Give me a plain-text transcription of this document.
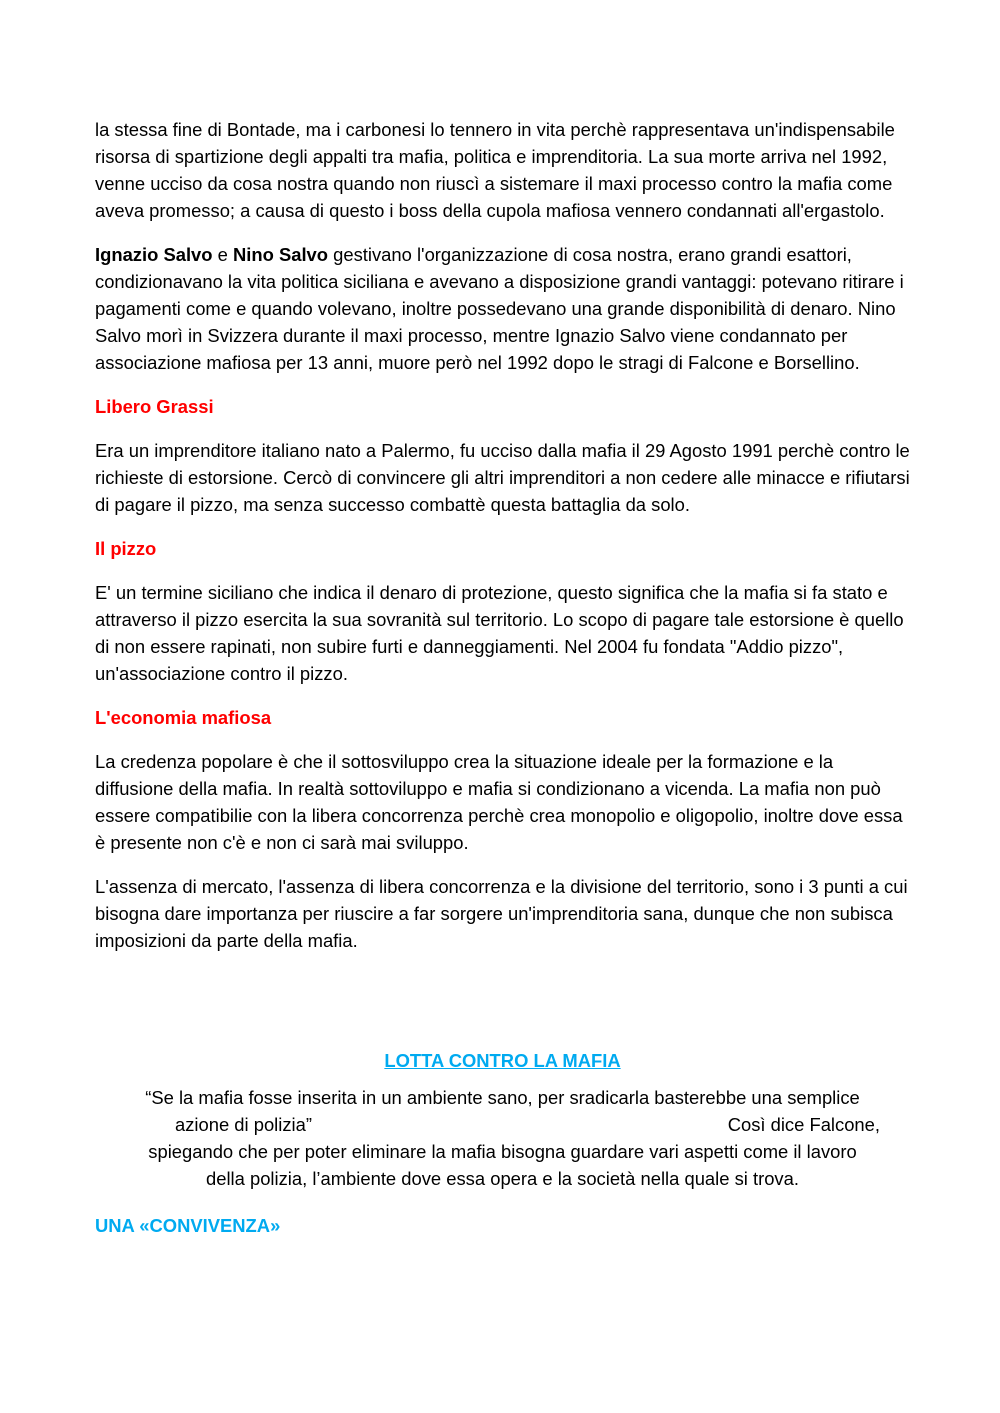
la stessa fine di Bontade, ma i carbonesi lo tennero in vita perchè rappresentava un'indispensabile risorsa di spartizione degli appalti tra mafia, politica e imprenditoria. La sua morte arriva nel 1992, venne ucciso da cosa nostra quando non riuscì a sistemare il maxi processo contro la mafia come aveva promesso; a causa di questo i boss della cupola mafiosa vennero condannati all'ergastolo.

Ignazio Salvo e Nino Salvo gestivano l'organizzazione di cosa nostra, erano grandi esattori, condizionavano la vita politica siciliana e avevano a disposizione grandi vantaggi: potevano ritirare i pagamenti come e quando volevano, inoltre possedevano una grande disponibilità di denaro. Nino Salvo morì in Svizzera durante il maxi processo, mentre Ignazio Salvo viene condannato per associazione mafiosa per 13 anni, muore però nel 1992 dopo le stragi di Falcone e Borsellino.

Libero Grassi

Era un imprenditore italiano nato a Palermo, fu ucciso dalla mafia il 29 Agosto 1991 perchè contro le richieste di estorsione. Cercò di convincere gli altri imprenditori a non cedere alle minacce e rifiutarsi di pagare il pizzo, ma senza successo combattè questa battaglia da solo.

Il pizzo

E' un termine siciliano che indica il denaro di protezione, questo significa che la mafia si fa stato e attraverso il pizzo esercita la sua sovranità sul territorio. Lo scopo di pagare tale estorsione è quello di non essere rapinati, non subire furti e danneggiamenti. Nel 2004 fu fondata "Addio pizzo", un'associazione contro il pizzo.

L'economia mafiosa

La credenza popolare è che il sottosviluppo crea la situazione ideale per la formazione e la diffusione della mafia. In realtà sottoviluppo e mafia si condizionano a vicenda. La mafia non può essere compatibilie con la libera concorrenza perchè crea monopolio e oligopolio, inoltre dove essa è presente non c'è e non ci sarà mai sviluppo.

L'assenza di mercato, l'assenza di libera concorrenza e la divisione del territorio, sono i 3 punti a cui bisogna dare importanza per riuscire a far sorgere un'imprenditoria sana, dunque che non subisca imposizioni da parte della mafia.

LOTTA CONTRO LA MAFIA
“Se la mafia fosse inserita in un ambiente sano, per sradicarla basterebbe una semplice
azione di polizia”	Così dice Falcone,
spiegando che per poter eliminare la mafia bisogna guardare vari aspetti come il lavoro
della polizia, l’ambiente dove essa opera e la società nella quale si trova.
UNA «CONVIVENZA»
